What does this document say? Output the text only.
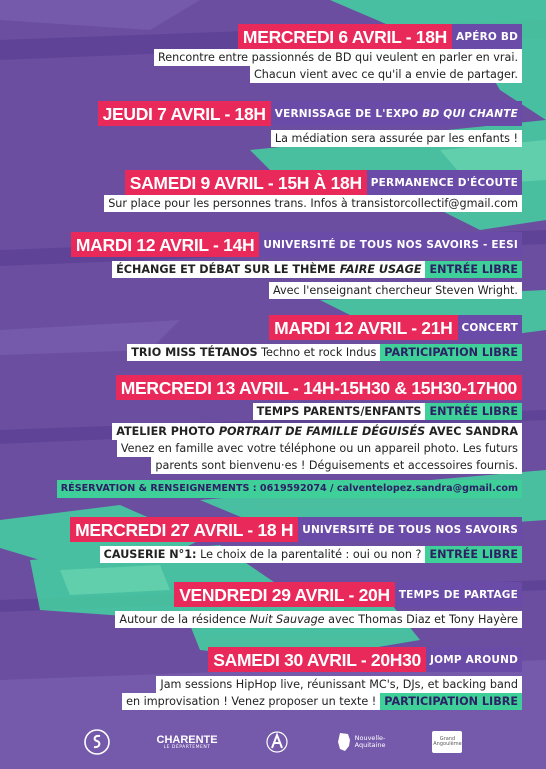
MERCREDI 6 AVRIL - 18H APÉRO BD
Rencontre entre passionnés de BD qui veulent en parler en vrai.
Chacun vient avec ce qu'il a envie de partager.
JEUDI 7 AVRIL - 18H VERNISSAGE DE L'EXPO BD QUI CHANTE
La médiation sera assurée par les enfants !
SAMEDI 9 AVRIL - 15H À 18H PERMANENCE D'ÉCOUTE
Sur place pour les personnes trans. Infos à transistorcollectif@gmail.com
MARDI 12 AVRIL - 14H UNIVERSITÉ DE TOUS NOS SAVOIRS - EESI
ÉCHANGE ET DÉBAT SUR LE THÈME FAIRE USAGE ENTRÉE LIBRE
Avec l'enseignant chercheur Steven Wright.
MARDI 12 AVRIL - 21H CONCERT
TRIO MISS TÉTANOS Techno et rock Indus PARTICIPATION LIBRE
MERCREDI 13 AVRIL - 14H-15H30 & 15H30-17H00
TEMPS PARENTS/ENFANTS ENTRÉE LIBRE
ATELIER PHOTO PORTRAIT DE FAMILLE DÉGUISÉS AVEC SANDRA
Venez en famille avec votre téléphone ou un appareil photo. Les futurs
parents sont bienvenu·es ! Déguisements et accessoires fournis.
RÉSERVATION & RENSEIGNEMENTS : 0619592074 / calventelopez.sandra@gmail.com
MERCREDI 27 AVRIL - 18 H UNIVERSITÉ DE TOUS NOS SAVOIRS
CAUSERIE N°1: Le choix de la parentalité : oui ou non ? ENTRÉE LIBRE
VENDREDI 29 AVRIL - 20H TEMPS DE PARTAGE
Autour de la résidence Nuit Sauvage avec Thomas Diaz et Tony Hayère
SAMEDI 30 AVRIL - 20H30 JOMP AROUND
Jam sessions HipHop live, réunissant MC's, DJs, et backing band
en improvisation ! Venez proposer un texte ! PARTICIPATION LIBRE
CHARENTE
LE DÉPARTEMENT
Nouvelle-
Aquitaine
Grand
Angoulême
